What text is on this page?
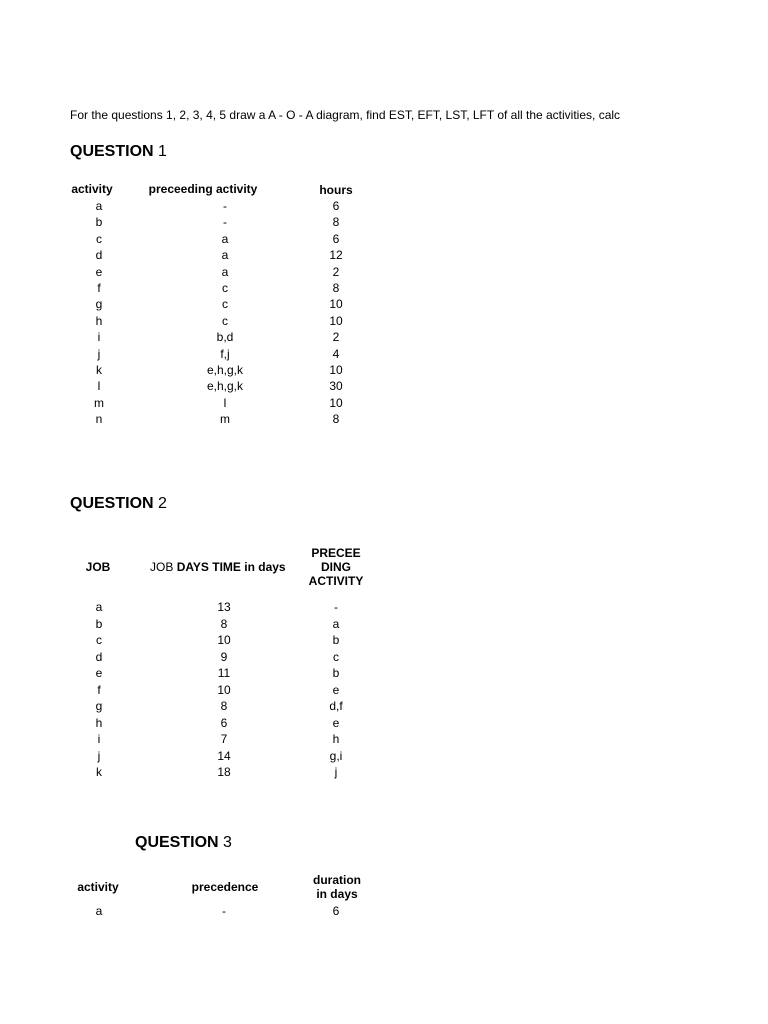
For the questions 1, 2, 3, 4, 5 draw a A - O - A diagram, find EST, EFT, LST, LFT of all the activities, calc
QUESTION 1
activity	preceeding activity	hours
a	-	6
b	-	8
c	a	6
d	a	12
e	a	2
f	c	8
g	c	10
h	c	10
i	b,d	2
j	f,j	4
k	e,h,g,k	10
l	e,h,g,k	30
m	l	10
n	m	8
QUESTION 2
JOB	JOB DAYS TIME in days
PRECEE
DING
ACTIVITY
a	13	-
b	8	a
c	10	b
d	9	c
e	11	b
f	10	e
g	8	d,f
h	6	e
i	7	h
j	14	g,i
k	18	j
QUESTION 3
activity	precedence	duration
in days
a	-	6
